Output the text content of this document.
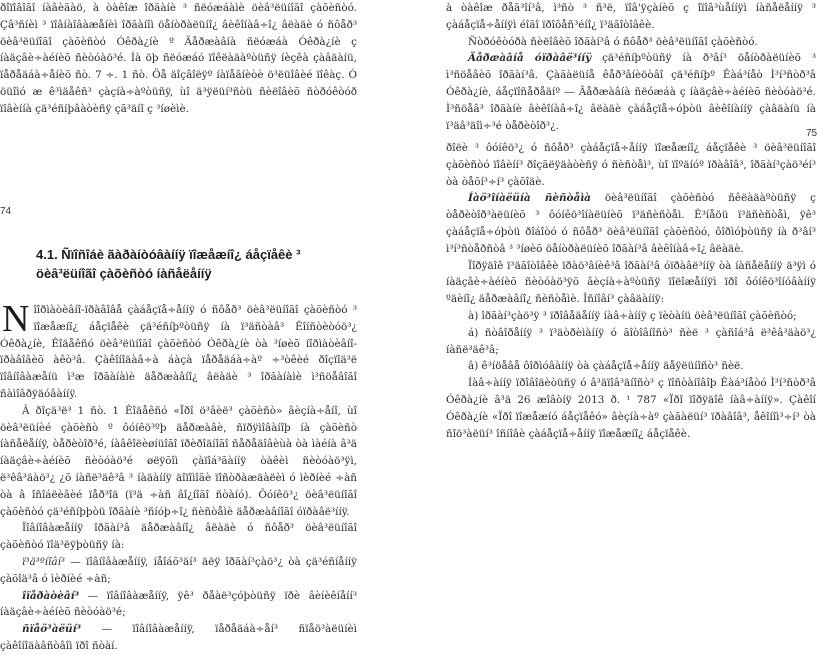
ðîïîâîãî íàâèãàö, à òàêîæ îðãàíè ³ ñëóæáàìè öèâ³ëüíîãî çàõèñòó. Çâ³ñíèì ³ ïîâíàîâàæåíèì îðãàíîì öåíòðàëüíî¿ âèêîíàâ÷î¿ âëàäè ó ñôåð³ öèâ³ëüíîãî çàõèñòó Óêðà¿íè º Äåðæàâíà ñëóæáà Óêðà¿íè ç íàäçâè÷àéíèõ ñèòóàö³é. Íà öþ ñëóæáó ïîêëàäàºòüñÿ íèçêà çàâäàíü, ïåðåäáà÷åíèõ ñò. 7 ÷. 1 ñò. Öå äîçâîëÿº íàïåâíèòè ö³ëüîâèé ïîêàç. Ó öüîìó æ ê³ìäåêñ³ çàçíà÷àºòüñÿ, ùî ä³ÿëüí³ñòü ñèëîâèõ ñòðóêòóð ïîâèííà çä³éñíþâàòèñÿ çã³äíî ç ³íøèìè.

74
4.1. Ñïîñîáè ãàðàíòóâàííÿ ïîæåæíî¿ áåçïåêè ³ öèâ³ëüíîãî çàõèñòó íàñåëåííÿ

N îîðìàòèâíî-ïðàâîâå çàáåçïå÷åííÿ ó ñôåð³ öèâ³ëüíîãî çàõèñòó ³ ïîæåæíî¿ áåçïåêè çä³éñíþºòüñÿ íà ï³äñòàâ³ Êîíñòèòóö³¿ Óêðà¿íè, Êîäåêñó öèâ³ëüíîãî çàõèñòó Óêðà¿íè òà ³íøèõ íîðìàòèâíî-ïðàâîâèõ àêò³â. Çàêîíîäàâ÷à áàçà ïåðåäáà÷àº ÷³òêèé ðîçïîä³ë ïîâíîâàæåíü ì³æ îðãàíàìè äåðæàâíî¿ âëàäè ³ îðãàíàìè ì³ñöåâîãî ñàìîâðÿäóâàííÿ.

Â ðîçä³ë³ 1 ñò. 1 Êîäåêñó «Ïðî ö³âèë³ çàõèñò» âèçíà÷åíî, ùî öèâ³ëüíèé çàõèñò º ôóíêö³ºþ äåðæàâè, ñïðÿìîâàíîþ íà çàõèñò íàñåëåííÿ, òåðèòîð³é, íàâêîëèøíüîãî ïðèðîäíîãî ñåðåäîâèùà òà ìàéíà â³ä íàäçâè÷àéíèõ ñèòóàö³é øëÿõîì çàïîá³ãàííÿ òàêèì ñèòóàö³ÿì, ë³êâ³äàö³¿ ¿õ íàñë³äê³â ³ íàäàííÿ äîïîìîãè ïîñòðàæäàëèì ó ìèðíèé ÷àñ òà â îñîáëèâèé ïåð³îä (ï³ä ÷àñ âî¿íîãî ñòàíó). Ôóíêö³¿ öèâ³ëüíîãî çàõèñòó çä³éñíþþòü îðãàíè ³ñíóþ÷î¿ ñèñòåìè äåðæàâíîãî óïðàâë³ííÿ.

Ïîâíîâàæåííÿ îðãàí³â äåðæàâíî¿ âëàäè ó ñôåð³ öèâ³ëüíîãî çàõèñòó ïîä³ëÿþòüñÿ íà:

ï³ä³ºíîâí³ — ïîâíîâàæåííÿ, íåîáõ³äí³ äëÿ îðãàí³çàö³¿ òà çä³éñíåííÿ çàõîä³â ó ìèðíèé ÷àñ;

îïåðàòèâí³ — ïîâíîâàæåííÿ, ÿê³ ðåàë³çóþòüñÿ ïðè âèíèêíåíí³ íàäçâè÷àéíèõ ñèòóàö³é;

ñïåö³àëüí³ — ïîâíîâàæåííÿ, ïåðåäáà÷åí³ ñïåö³àëüíèì çàêîíîäàâñòâîì ïðî ñòàí.

à òàêîæ ðåã³îí³â, ì³ñò ³ ñ³ë, ïîâ'ÿçàíèõ ç îïîâ³ùåííÿì íàñåëåííÿ ³ çàáåçïå÷åííÿì éîãî ïðîôåñ³éíî¿ ï³äãîòîâêè.

Ñòðóêòóðà ñèëîâèõ îðãàí³â ó ñôåð³ öèâ³ëüíîãî çàõèñòó.

Äåðæàâíå óïðàâë³ííÿ çä³éñíþºòüñÿ íà ð³âí³ öåíòðàëüíèõ ³ ì³ñöåâèõ îðãàí³â. Çàãàëüíå êåð³âíèöòâî çä³éñíþº Êàá³íåò Ì³í³ñòð³â Óêðà¿íè, áåçïîñåðåäíº — Äåðæàâíà ñëóæáà ç íàäçâè÷àéíèõ ñèòóàö³é. Ì³ñöåâ³ îðãàíè âèêîíàâ÷î¿ âëàäè çàáåçïå÷óþòü âèêîíàííÿ çàâäàíü íà ï³äâ³äîì÷³é òåðèòîð³¿.

75

ðîëè ³ ôóíêö³¿ ó ñôåð³ çàáåçïå÷åííÿ ïîæåæíî¿ áåçïåêè ³ öèâ³ëüíîãî çàõèñòó ïîâèíí³ ðîçãëÿäàòèñÿ ó ñèñòåì³, ùî ïîºäíóº ïðàâîâ³, îðãàí³çàö³éí³ òà òåõí³÷í³ çàõîäè.

Íàö³îíàëüíà ñèñòåìà öèâ³ëüíîãî çàõèñòó ñêëàäàºòüñÿ ç òåðèòîð³àëüíèõ ³ ôóíêö³îíàëüíèõ ï³äñèñòåì. Ê³íåöü ï³äñèñòåì, ÿê³ çàáåçïå÷óþòü ðîáîòó ó ñôåð³ öèâ³ëüíîãî çàõèñòó, ôîðìóþòüñÿ íà ð³âí³ ì³í³ñòåðñòâ ³ ³íøèõ öåíòðàëüíèõ îðãàí³â âèêîíàâ÷î¿ âëàäè.

Ïîðÿäîê ï³äãîòîâêè ïðàö³âíèê³â îðãàí³â óïðàâë³ííÿ òà íàñåëåííÿ ä³ÿì ó íàäçâè÷àéíèõ ñèòóàö³ÿõ âèçíà÷àºòüñÿ ïîëîæåííÿì ïðî ôóíêö³îíóâàííÿ ºäèíî¿ äåðæàâíî¿ ñèñòåìè. Îñíîâí³ çàâäàííÿ:

à) îðãàí³çàö³ÿ ³ ïðîâåäåííÿ íàâ÷àííÿ ç ïèòàíü öèâ³ëüíîãî çàõèñòó;

á) ñòâîðåííÿ ³ ï³äòðèìàííÿ ó ãîòîâíîñò³ ñèë ³ çàñîá³â ë³êâ³äàö³¿ íàñë³äê³â;

â) ê³íöåâå ôîðìóâàííÿ òà çàáåçïå÷åííÿ äåÿëüíîñò³ ñèë.

Íàâ÷àííÿ ïðîâîäèòüñÿ ó â³äïîâ³äíîñò³ ç ïîñòàíîâîþ Êàá³íåòó Ì³í³ñòð³â Óêðà¿íè â³ä 26 æîâòíÿ 2013 ð. ¹ 787 «Ïðî ïîðÿäîê íàâ÷àííÿ». Çàêîí Óêðà¿íè «Ïðî ïîæåæíó áåçïåêó» âèçíà÷àº çàãàëüí³ ïðàâîâ³, åêîíîì³÷í³ òà ñîö³àëüí³ îñíîâè çàáåçïå÷åííÿ ïîæåæíî¿ áåçïåêè.
